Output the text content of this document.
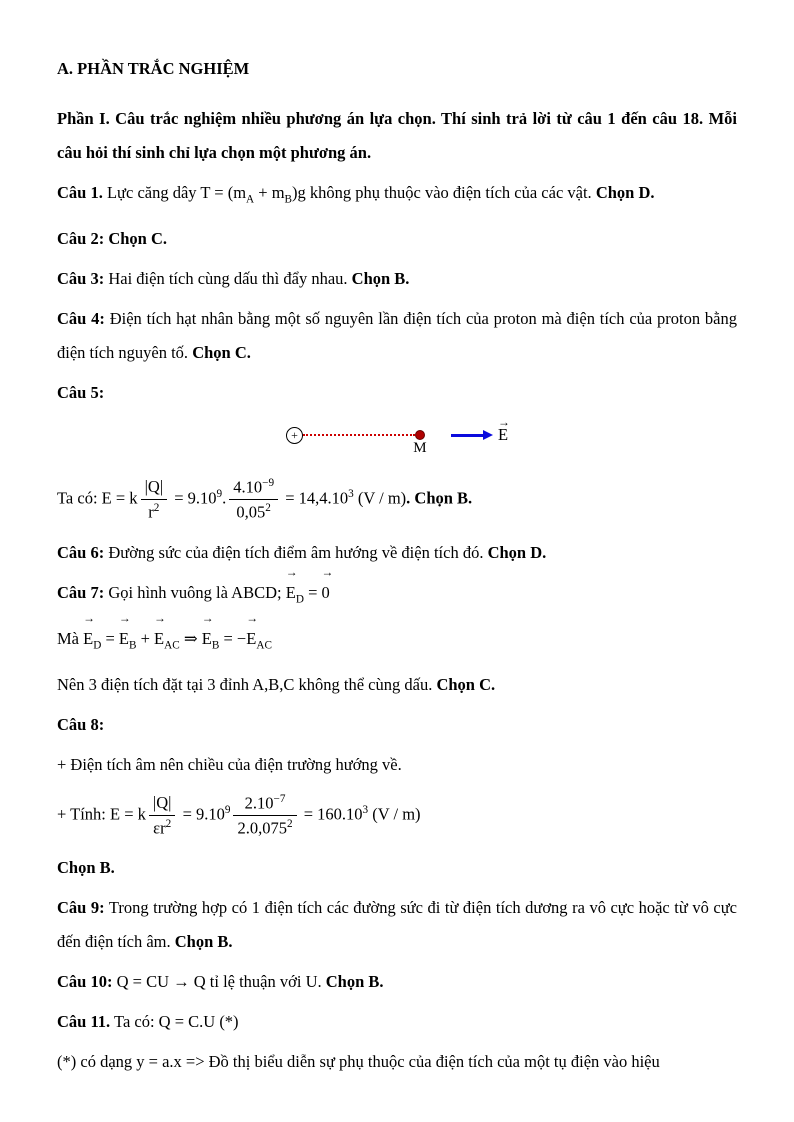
A. PHẦN TRẮC NGHIỆM

Phần I. Câu trắc nghiệm nhiều phương án lựa chọn. Thí sinh trả lời từ câu 1 đến câu 18. Mỗi câu hỏi thí sinh chỉ lựa chọn một phương án.

Câu 1. Lực căng dây $T = (m_A + m_B)g$ không phụ thuộc vào điện tích của các vật. Chọn D.

Câu 2: Chọn C.

Câu 3: Hai điện tích cùng dấu thì đẩy nhau. Chọn B.

Câu 4: Điện tích hạt nhân bằng một số nguyên lần điện tích của proton mà điện tích của proton bằng điện tích nguyên tố. Chọn C.

Câu 5:

+
M
→
E

Ta có: E = k $\frac{|Q|}{r^2} = 9.10^9$. $\frac{4.10^{-9}}{0,05^2} = 14,4.10^3$ (V / m). Chọn B.

Câu 6: Đường sức của điện tích điểm âm hướng về điện tích đó. Chọn D.

Câu 7: Gọi hình vuông là ABCD;
→
$E_D$ =
→
0

Mà
→
$E_D$ =
→
$E_B$ +
→
$E_{AC}$ ⇒
→
$E_B$ = −
→
$E_{AC}$

Nên 3 điện tích đặt tại 3 đỉnh A,B,C không thể cùng dấu. Chọn C.

Câu 8:

+ Điện tích âm nên chiều của điện trường hướng về.

+ Tính: E = k $\frac{|Q|}{\varepsilon r^2} = 9.10^9 \frac{2.10^{-7}}{2.0,075^2} = 160.10^3$ (V / m)

Chọn B.

Câu 9: Trong trường hợp có 1 điện tích các đường sức đi từ điện tích dương ra vô cực hoặc từ vô cực đến điện tích âm. Chọn B.

Câu 10: Q = CU → Q tỉ lệ thuận với U. Chọn B.

Câu 11. Ta có: Q = C.U (*)

(*) có dạng y = a.x => Đồ thị biểu diễn sự phụ thuộc của điện tích của một tụ điện vào hiệu
